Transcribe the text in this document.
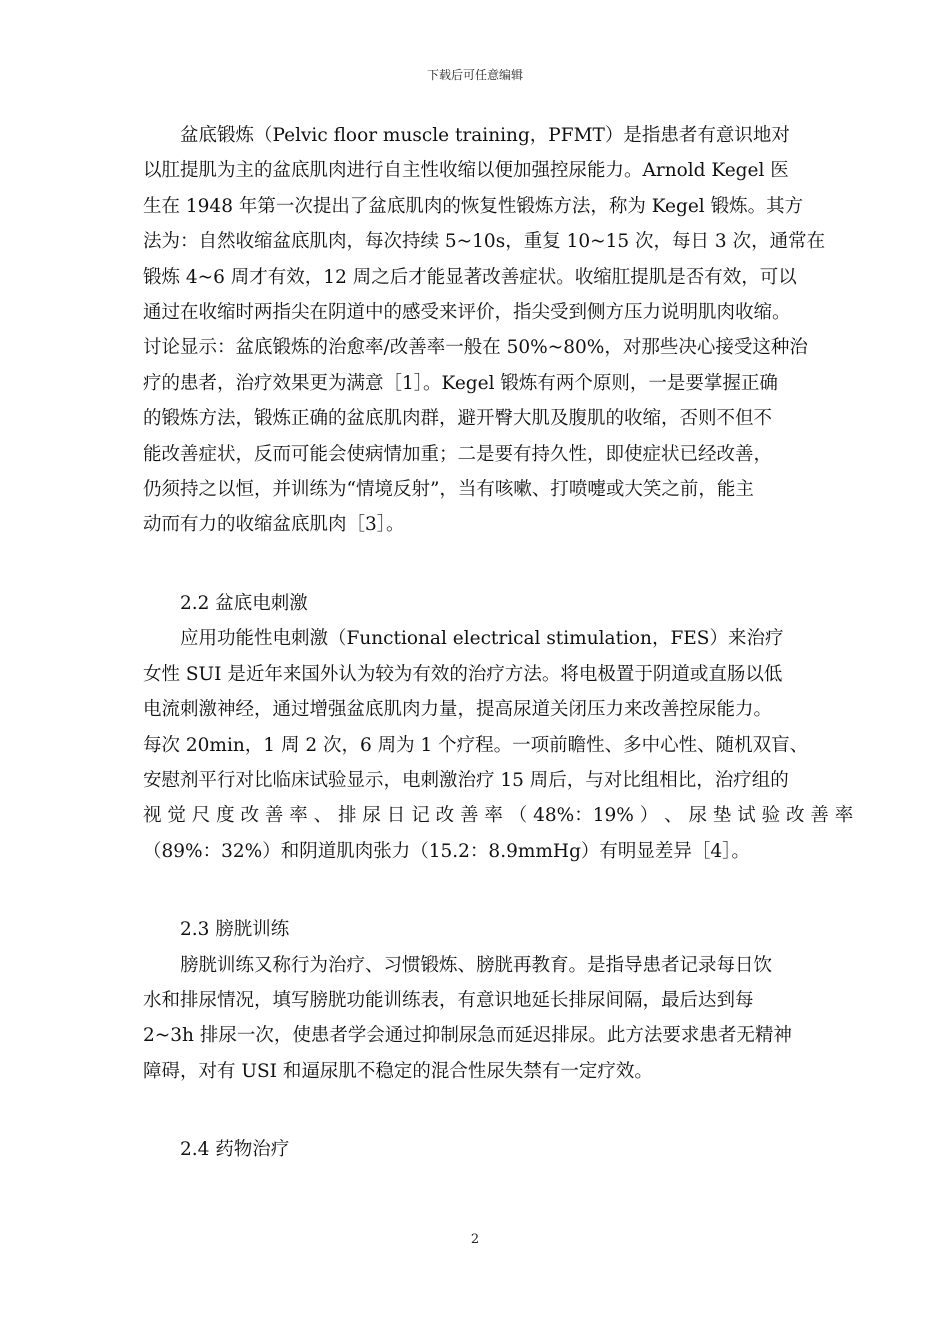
下载后可任意编辑
盆底锻炼（Pelvic floor muscle training，PFMT）是指患者有意识地对
以肛提肌为主的盆底肌肉进行自主性收缩以便加强控尿能力。Arnold Kegel 医
生在 1948 年第一次提出了盆底肌肉的恢复性锻炼方法，称为 Kegel 锻炼。其方
法为：自然收缩盆底肌肉，每次持续 5~10s，重复 10~15 次，每日 3 次，通常在
锻炼 4~6 周才有效，12 周之后才能显著改善症状。收缩肛提肌是否有效，可以
通过在收缩时两指尖在阴道中的感受来评价，指尖受到侧方压力说明肌肉收缩。
讨论显示：盆底锻炼的治愈率/改善率一般在 50%~80%，对那些决心接受这种治
疗的患者，治疗效果更为满意［1］。Kegel 锻炼有两个原则，一是要掌握正确
的锻炼方法，锻炼正确的盆底肌肉群，避开臀大肌及腹肌的收缩，否则不但不
能改善症状，反而可能会使病情加重；二是要有持久性，即使症状已经改善，
仍须持之以恒，并训练为“情境反射”，当有咳嗽、打喷嚏或大笑之前，能主
动而有力的收缩盆底肌肉［3］。
2.2 盆底电刺激
应用功能性电刺激（Functional electrical stimulation，FES）来治疗
女性 SUI 是近年来国外认为较为有效的治疗方法。将电极置于阴道或直肠以低
电流刺激神经，通过增强盆底肌肉力量，提高尿道关闭压力来改善控尿能力。
每次 20min，1 周 2 次，6 周为 1 个疗程。一项前瞻性、多中心性、随机双盲、
安慰剂平行对比临床试验显示，电刺激治疗 15 周后，与对比组相比，治疗组的
视 觉 尺 度 改 善 率 、 排 尿 日 记 改 善 率 （ 48%：19% ） 、 尿 垫 试 验 改 善 率
（89%：32%）和阴道肌肉张力（15.2：8.9mmHg）有明显差异［4］。
2.3 膀胱训练
膀胱训练又称行为治疗、习惯锻炼、膀胱再教育。是指导患者记录每日饮
水和排尿情况，填写膀胱功能训练表，有意识地延长排尿间隔，最后达到每
2~3h 排尿一次，使患者学会通过抑制尿急而延迟排尿。此方法要求患者无精神
障碍，对有 USI 和逼尿肌不稳定的混合性尿失禁有一定疗效。
2.4 药物治疗
2
